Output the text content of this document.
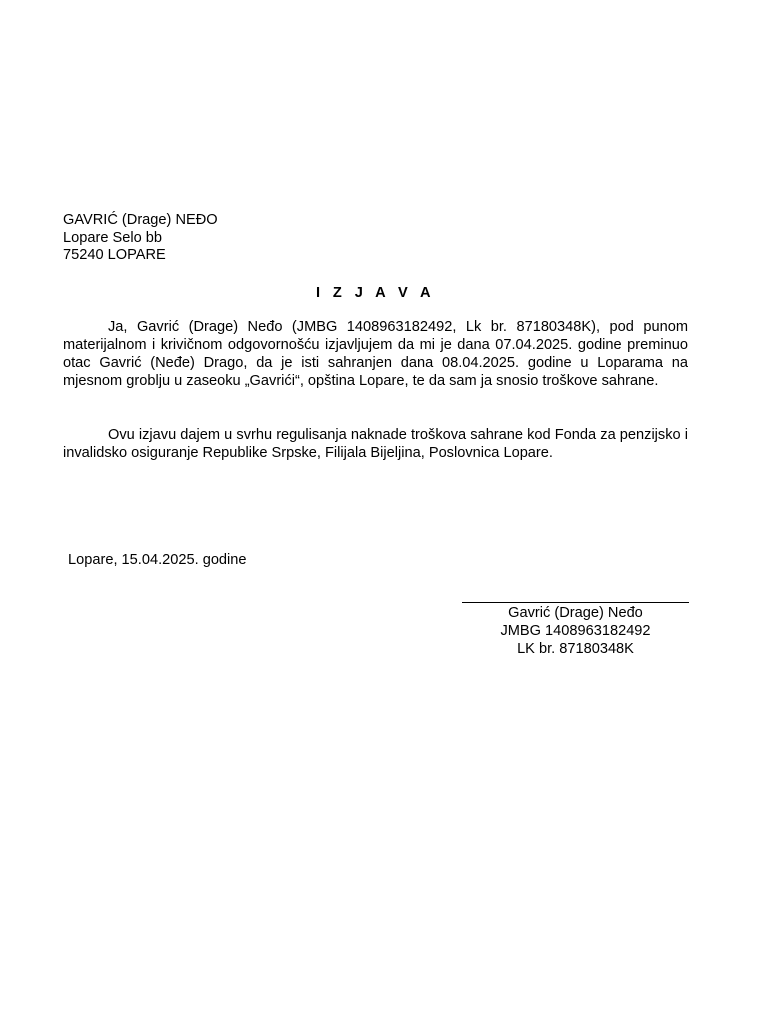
GAVRIĆ (Drage) NEĐO
Lopare Selo bb
75240 LOPARE
I Z J A V A

Ja, Gavrić (Drage) Neđo (JMBG 1408963182492, Lk br. 87180348K), pod punom materijalnom i krivičnom odgovornošću izjavljujem da mi je dana 07.04.2025. godine preminuo otac Gavrić (Neđe) Drago, da je isti sahranjen dana 08.04.2025. godine u Loparama na mjesnom groblju u zaseoku „Gavrići“, opština Lopare, te da sam ja snosio troškove sahrane.

Ovu izjavu dajem u svrhu regulisanja naknade troškova sahrane kod Fonda za penzijsko i invalidsko osiguranje Republike Srpske, Filijala Bijeljina, Poslovnica Lopare.

Lopare, 15.04.2025. godine
Gavrić (Drage) Neđo
JMBG 1408963182492
LK br. 87180348K
